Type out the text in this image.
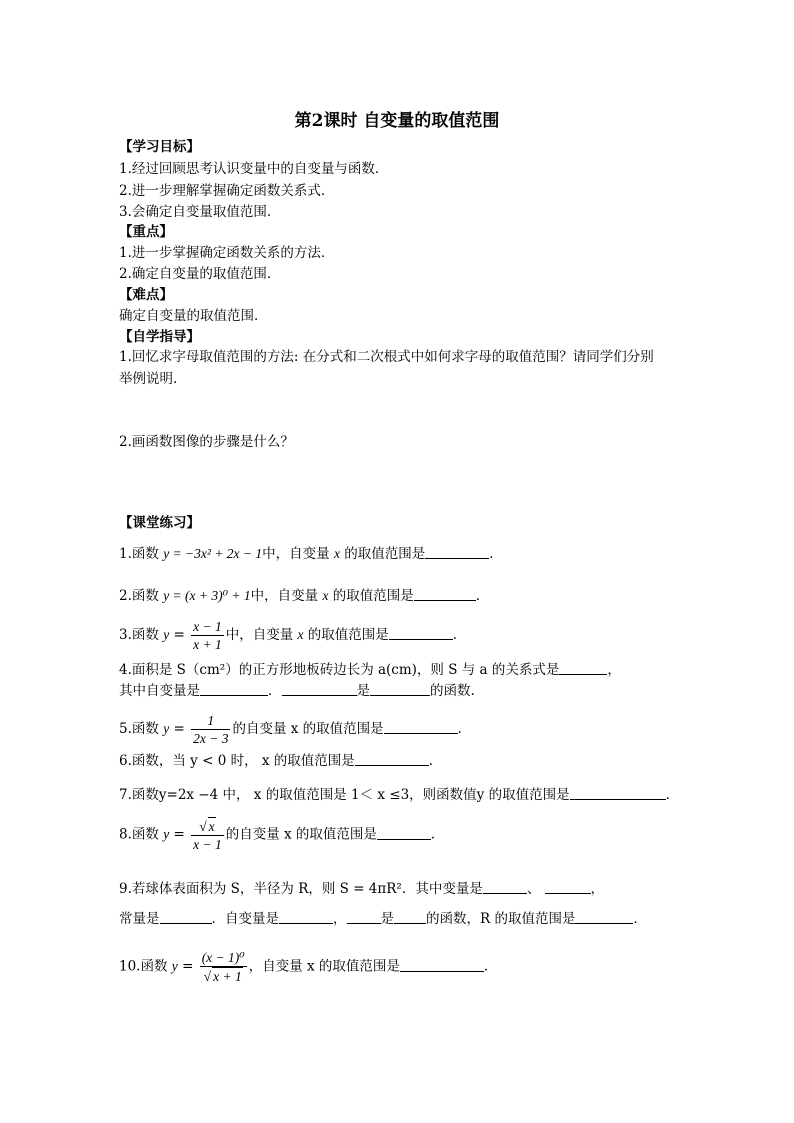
第2课时 自变量的取值范围
【学习目标】
1.经过回顾思考认识变量中的自变量与函数．
2.进一步理解掌握确定函数关系式．
3.会确定自变量取值范围．
【重点】
1.进一步掌握确定函数关系的方法．
2.确定自变量的取值范围．
【难点】
确定自变量的取值范围．
【自学指导】
1.回忆求字母取值范围的方法: 在分式和二次根式中如何求字母的取值范围？请同学们分别
举例说明.
2.画函数图像的步骤是什么？
【课堂练习】
1.函数 y = −3x² + 2x − 1中，自变量 x 的取值范围是	．
2.函数 y = (x + 3)⁰ + 1中，自变量 x 的取值范围是	．
3.函数 $y = \frac{x - 1}{x + 1}$ 中，自变量 x 的取值范围是	．
4.面积是 S（cm²）的正方形地板砖边长为 a(cm)，则 S 与 a 的关系式是	，
其中自变量是	．	是	的函数.
5.函数 $y = \frac{1}{2x - 3}$ 的自变量 x 的取值范围是	．
6.函数，当 y < 0 时， x 的取值范围是	．
7.函数y=2x −4 中， x 的取值范围是 1＜ x ≤3，则函数值y 的取值范围是	．
8.函数 $y = \frac{√ x}{x - 1}$ 的自变量 x 的取值范围是	．
9.若球体表面积为 S，半径为 R，则 S = 4πR²．其中变量是	、	，
常量是	．自变量是	，	是 的函数，R 的取值范围是	．
10.函数 $y = \frac{\text{(x − 1)⁰}}{√ x + 1}$ ，自变量 x 的取值范围是	．
